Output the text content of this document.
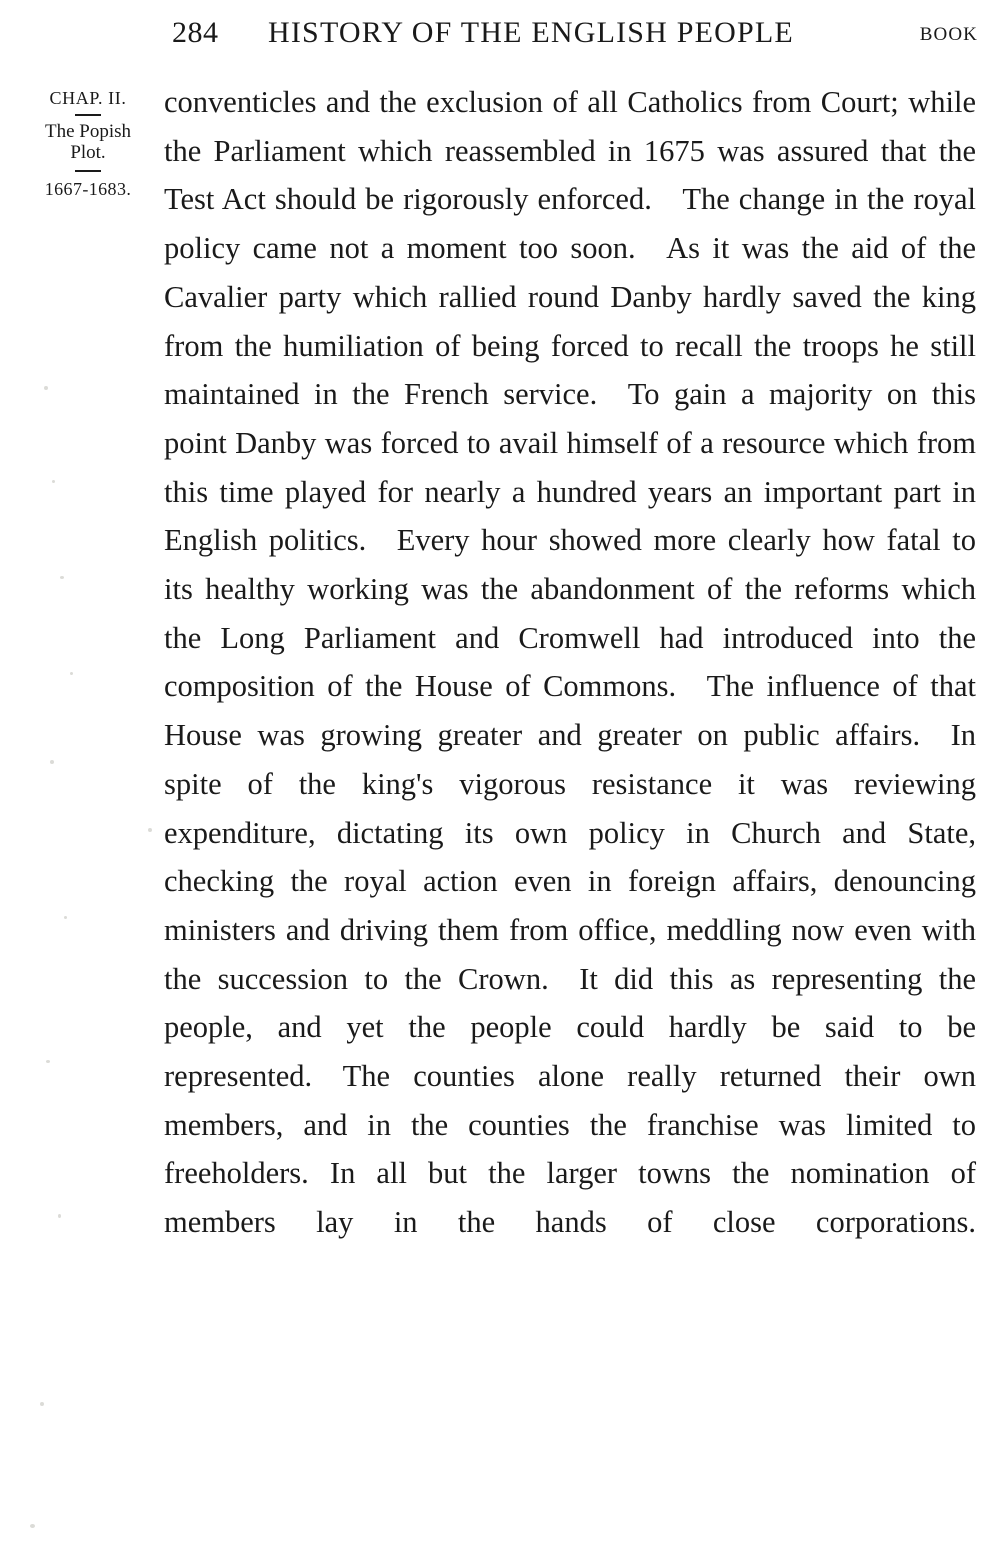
284 HISTORY OF THE ENGLISH PEOPLE	BOOK
CHAP. II.
The Popish Plot.
1667-1683.

conventicles and the exclusion of all Catholics from Court; while the Parliament which reassembled in 1675 was assured that the Test Act should be rigorously enforced. The change in the royal policy came not a moment too soon. As it was the aid of the Cavalier party which rallied round Danby hardly saved the king from the humiliation of being forced to recall the troops he still maintained in the French service. To gain a majority on this point Danby was forced to avail himself of a resource which from this time played for nearly a hundred years an important part in English politics. Every hour showed more clearly how fatal to its healthy working was the abandonment of the reforms which the Long Parliament and Cromwell had introduced into the composition of the House of Commons. The influence of that House was growing greater and greater on public affairs. In spite of the king's vigorous resistance it was reviewing expenditure, dictating its own policy in Church and State, checking the royal action even in foreign affairs, denouncing ministers and driving them from office, meddling now even with the succession to the Crown. It did this as representing the people, and yet the people could hardly be said to be represented. The counties alone really returned their own members, and in the counties the franchise was limited to freeholders. In all but the larger towns the nomination of members lay in the hands of close corporations.
